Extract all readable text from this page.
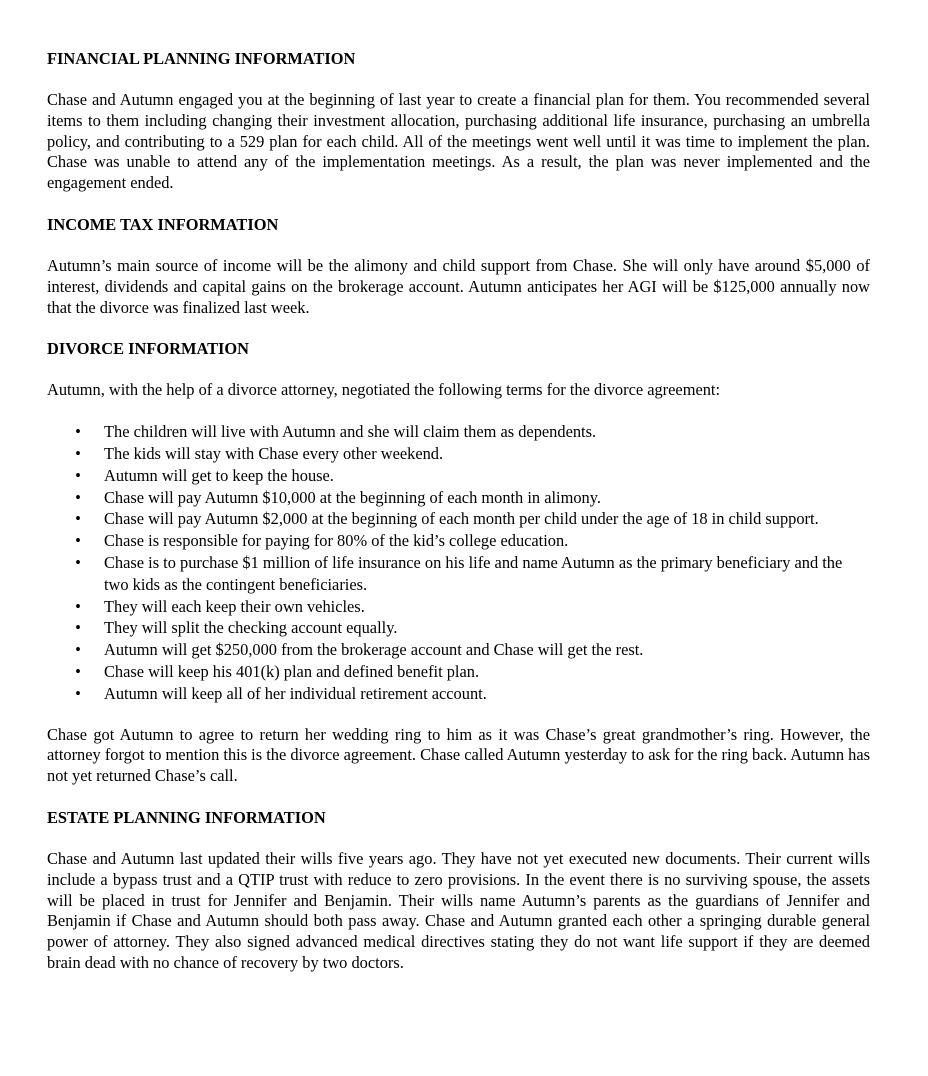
FINANCIAL PLANNING INFORMATION

Chase and Autumn engaged you at the beginning of last year to create a financial plan for them. You recommended several items to them including changing their investment allocation, purchasing additional life insurance, purchasing an umbrella policy, and contributing to a 529 plan for each child. All of the meetings went well until it was time to implement the plan. Chase was unable to attend any of the implementation meetings. As a result, the plan was never implemented and the engagement ended.

INCOME TAX INFORMATION

Autumn’s main source of income will be the alimony and child support from Chase. She will only have around $5,000 of interest, dividends and capital gains on the brokerage account. Autumn anticipates her AGI will be $125,000 annually now that the divorce was finalized last week.

DIVORCE INFORMATION

Autumn, with the help of a divorce attorney, negotiated the following terms for the divorce agreement:

• The children will live with Autumn and she will claim them as dependents.
• The kids will stay with Chase every other weekend.
• Autumn will get to keep the house.
• Chase will pay Autumn $10,000 at the beginning of each month in alimony.
• Chase will pay Autumn $2,000 at the beginning of each month per child under the age of 18 in child support.
• Chase is responsible for paying for 80% of the kid’s college education.
• Chase is to purchase $1 million of life insurance on his life and name Autumn as the primary beneficiary and the two kids as the contingent beneficiaries.
• They will each keep their own vehicles.
• They will split the checking account equally.
• Autumn will get $250,000 from the brokerage account and Chase will get the rest.
• Chase will keep his 401(k) plan and defined benefit plan.
• Autumn will keep all of her individual retirement account.

Chase got Autumn to agree to return her wedding ring to him as it was Chase’s great grandmother’s ring. However, the attorney forgot to mention this is the divorce agreement. Chase called Autumn yesterday to ask for the ring back. Autumn has not yet returned Chase’s call.

ESTATE PLANNING INFORMATION

Chase and Autumn last updated their wills five years ago. They have not yet executed new documents. Their current wills include a bypass trust and a QTIP trust with reduce to zero provisions. In the event there is no surviving spouse, the assets will be placed in trust for Jennifer and Benjamin. Their wills name Autumn’s parents as the guardians of Jennifer and Benjamin if Chase and Autumn should both pass away. Chase and Autumn granted each other a springing durable general power of attorney. They also signed advanced medical directives stating they do not want life support if they are deemed brain dead with no chance of recovery by two doctors.
